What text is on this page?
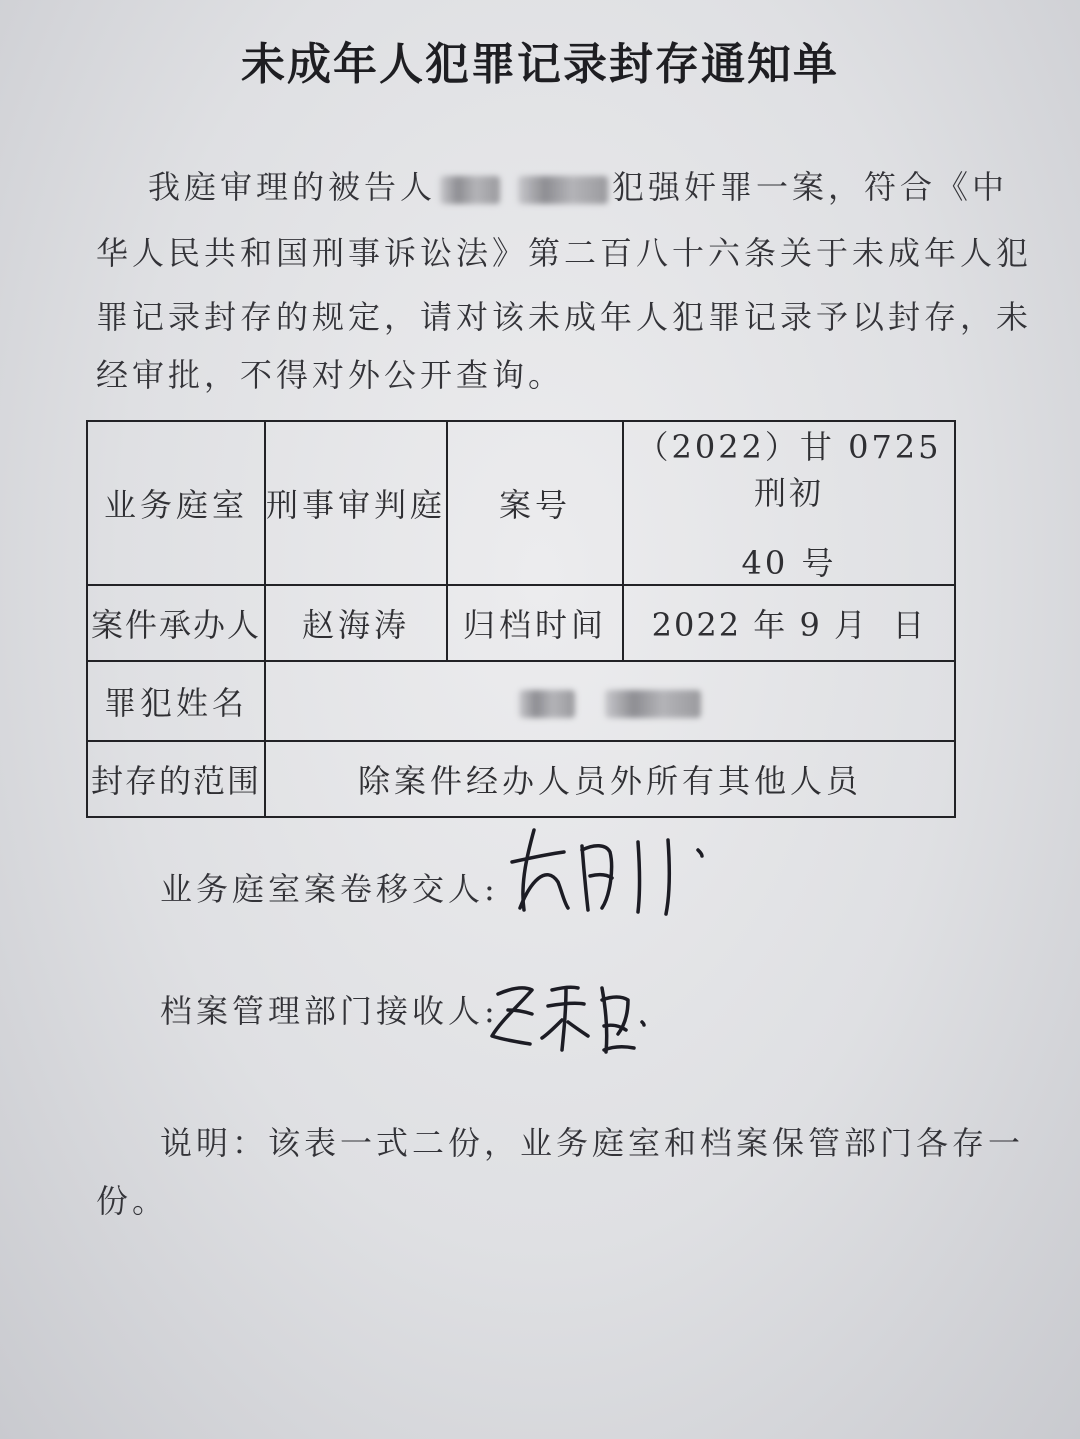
未成年人犯罪记录封存通知单
我庭审理的被告人	犯强奸罪一案，符合《中
华人民共和国刑事诉讼法》第二百八十六条关于未成年人犯
罪记录封存的规定，请对该未成年人犯罪记录予以封存，未
经审批，不得对外公开查询。
业务庭室	刑事审判庭	案号	（2022）甘 0725 刑初
40 号

案件承办人	赵海涛	归档时间	2022 年 9 月  日
罪犯姓名			
封存的范围	除案件经办人员外所有其他人员		
业务庭室案卷移交人:
档案管理部门接收人:
说明：该表一式二份，业务庭室和档案保管部门各存一
份。
